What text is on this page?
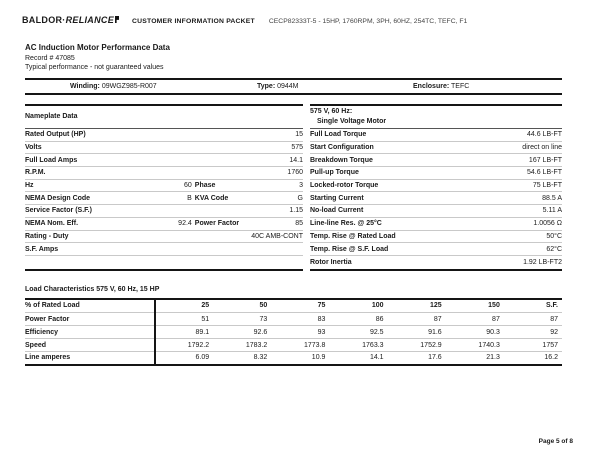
BALDOR·RELIANCE	CUSTOMER INFORMATION PACKET CECP82333T-5 - 15HP, 1760RPM, 3PH, 60HZ, 254TC, TEFC, F1
AC Induction Motor Performance Data
Record # 47085
Typical performance - not guaranteed values
Winding: 09WGZ985-R007	Type: 0944M	Enclosure: TEFC
Nameplate Data
Rated Output (HP)	15
Volts	575
Full Load Amps	14.1
R.P.M.	1760
Hz	60 Phase	3
NEMA Design Code	B KVA Code	G
Service Factor (S.F.)	1.15
NEMA Nom. Eff.	92.4 Power Factor	85
Rating - Duty	40C AMB-CONT
S.F. Amps
575 V, 60 Hz:
Single Voltage Motor
Full Load Torque	44.6 LB-FT
Start Configuration	direct on line
Breakdown Torque	167 LB-FT
Pull-up Torque	54.6 LB-FT
Locked-rotor Torque	75 LB-FT
Starting Current	88.5 A
No-load Current	5.11 A
Line-line Res. @ 25°C	1.0056 Ω
Temp. Rise @ Rated Load	50°C
Temp. Rise @ S.F. Load	62°C
Rotor Inertia	1.92 LB-FT2
Load Characteristics 575 V, 60 Hz, 15 HP
% of Rated Load	25	50	75	100	125	150	S.F.
Power Factor	51	73	83	86	87	87	87
Efficiency	89.1	92.6	93	92.5	91.6	90.3	92
Speed	1792.2	1783.2	1773.8	1763.3	1752.9	1740.3	1757
Line amperes	6.09	8.32	10.9	14.1	17.6	21.3	16.2
Page 5 of 8
